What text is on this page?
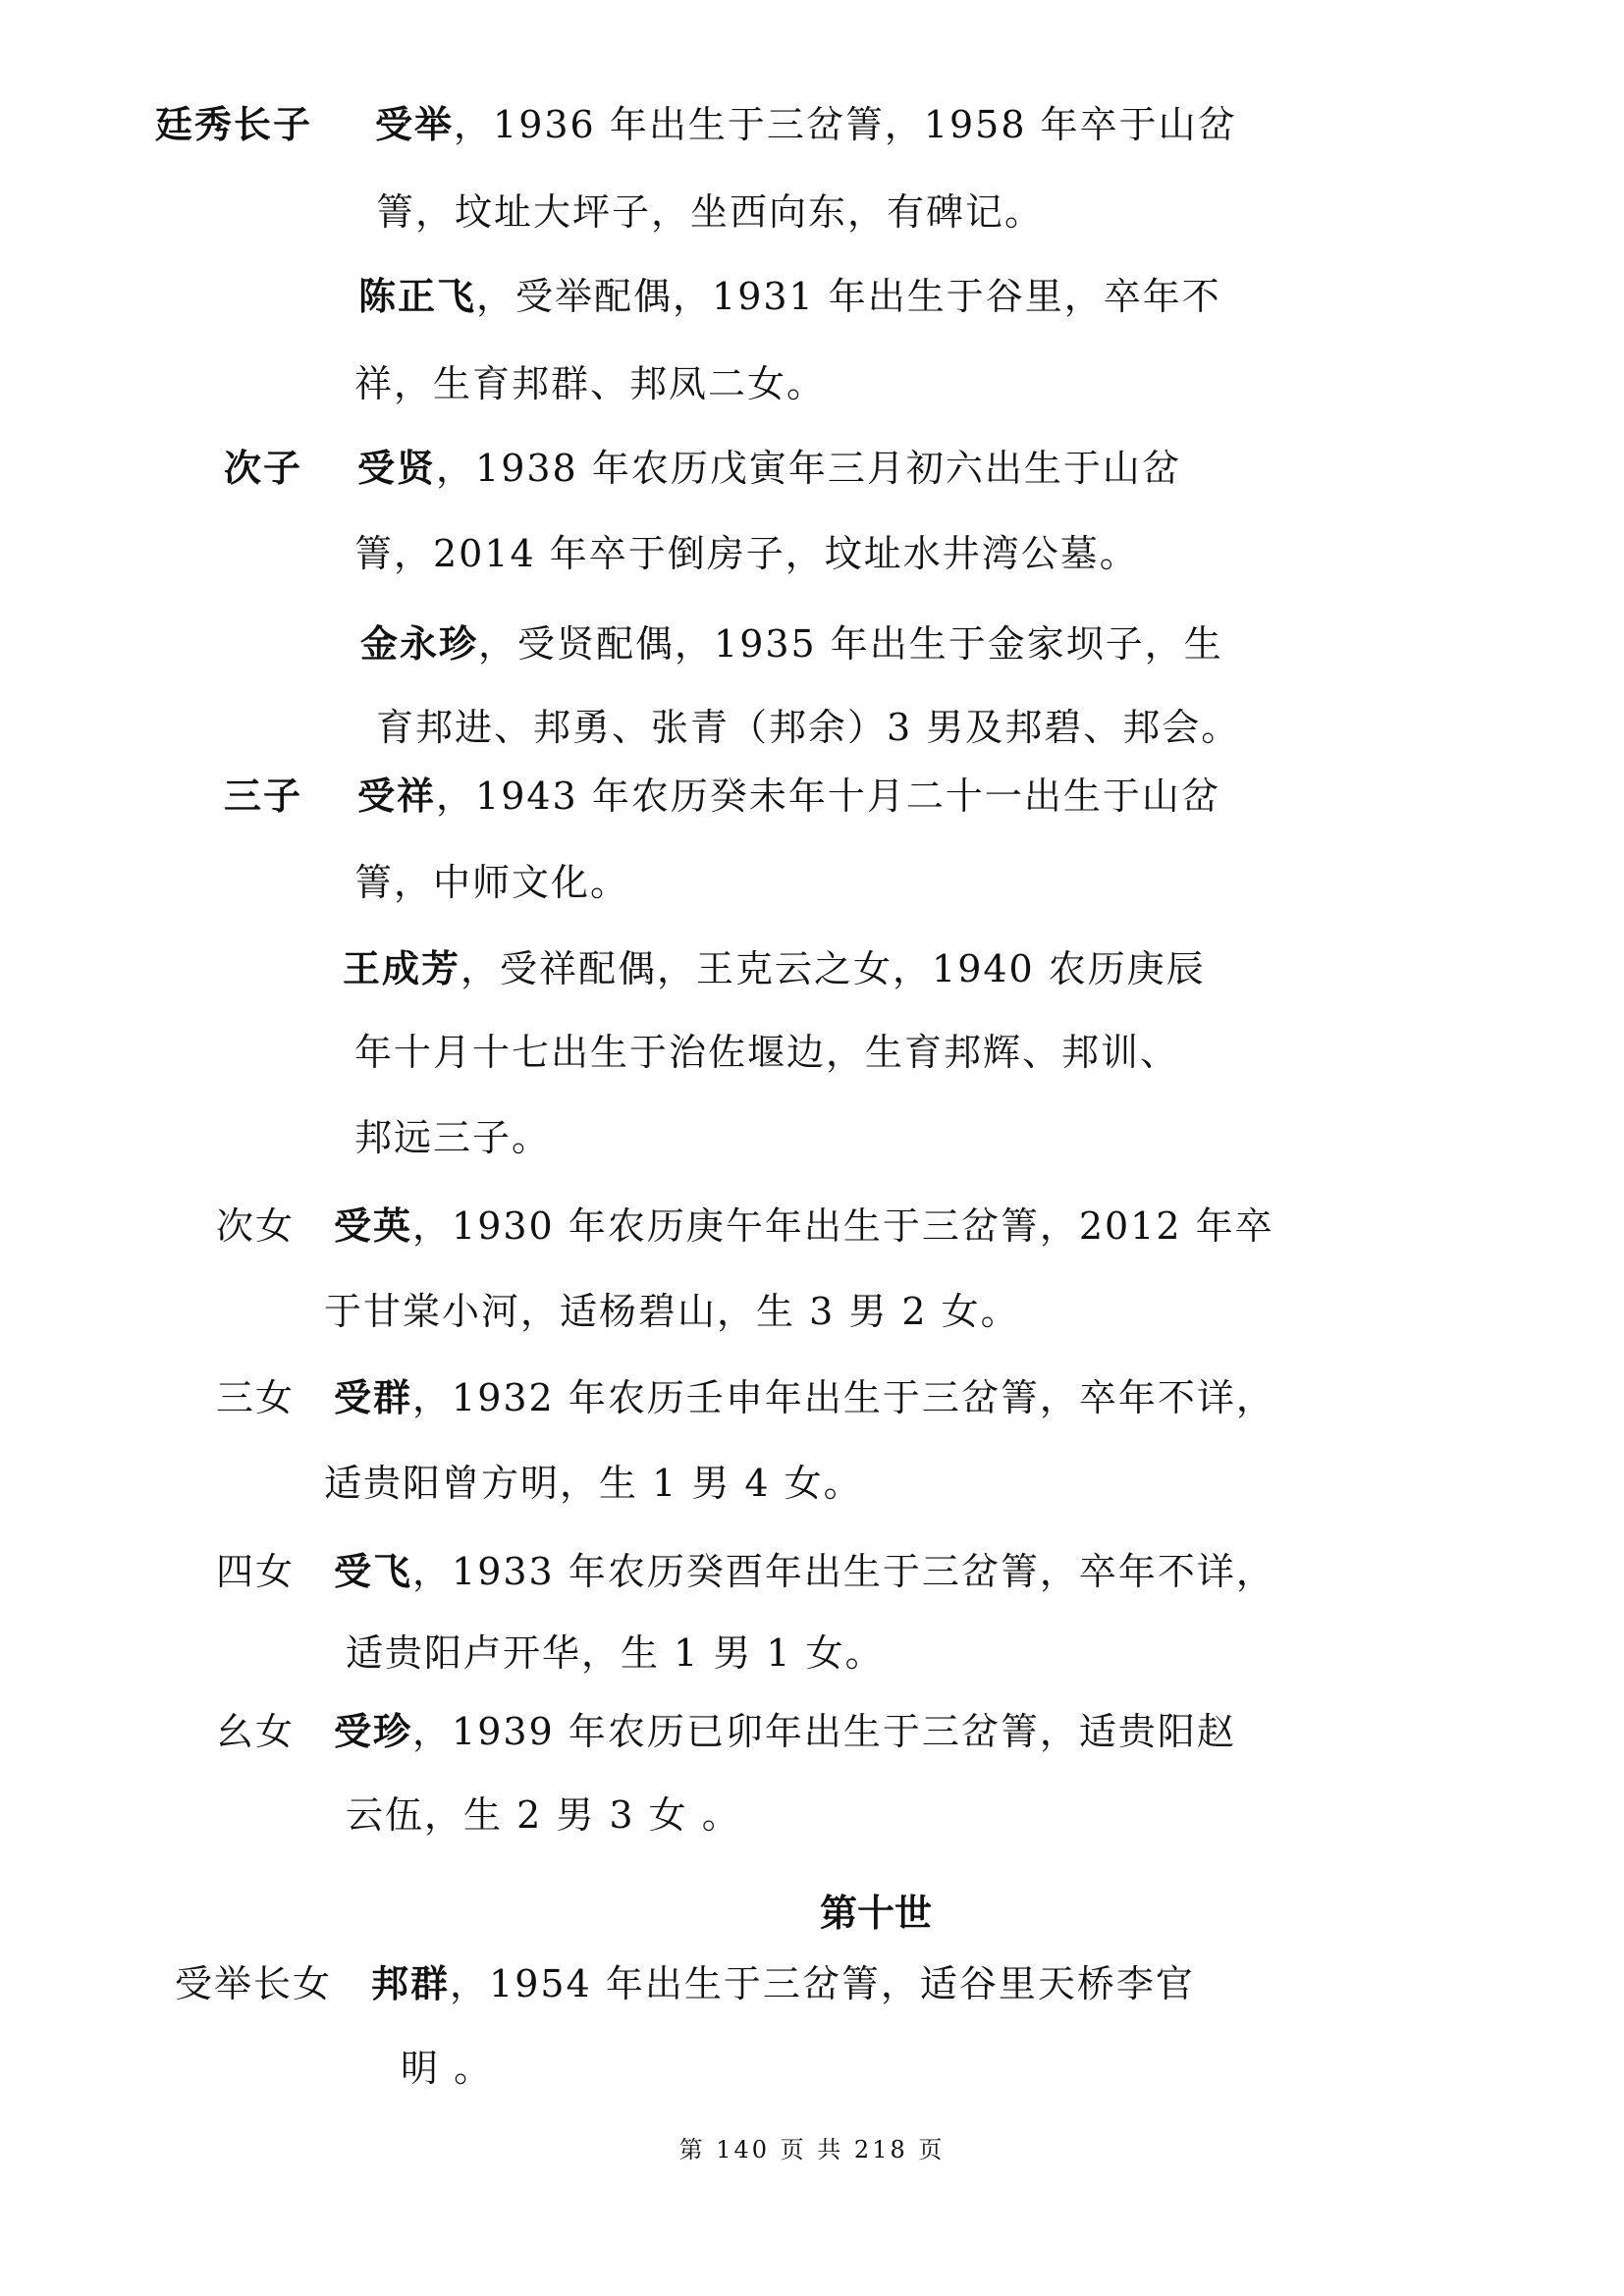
廷秀长子 受举，1936 年出生于三岔箐，1958 年卒于山岔
箐，坟址大坪子，坐西向东，有碑记。
陈正飞，受举配偶，1931 年出生于谷里，卒年不
祥，生育邦群、邦凤二女。
次子 受贤，1938 年农历戊寅年三月初六出生于山岔
箐，2014 年卒于倒房子，坟址水井湾公墓。
金永珍，受贤配偶，1935 年出生于金家坝子，生
育邦进、邦勇、张青（邦余）3 男及邦碧、邦会。
三子 受祥，1943 年农历癸未年十月二十一出生于山岔
箐，中师文化。
王成芳，受祥配偶，王克云之女，1940 农历庚辰
年十月十七出生于治佐堰边，生育邦辉、邦训、
邦远三子。
次女 受英，1930 年农历庚午年出生于三岔箐，2012 年卒
于甘棠小河，适杨碧山，生 3 男 2 女。
三女 受群，1932 年农历壬申年出生于三岔箐，卒年不详，
适贵阳曾方明，生 1 男 4 女。
四女 受飞，1933 年农历癸酉年出生于三岔箐，卒年不详，
适贵阳卢开华，生 1 男 1 女。
幺女 受珍，1939 年农历已卯年出生于三岔箐，适贵阳赵
云伍，生 2 男 3 女 。
第十世
受举长女 邦群，1954 年出生于三岔箐，适谷里天桥李官
明 。
第 140 页 共 218 页
